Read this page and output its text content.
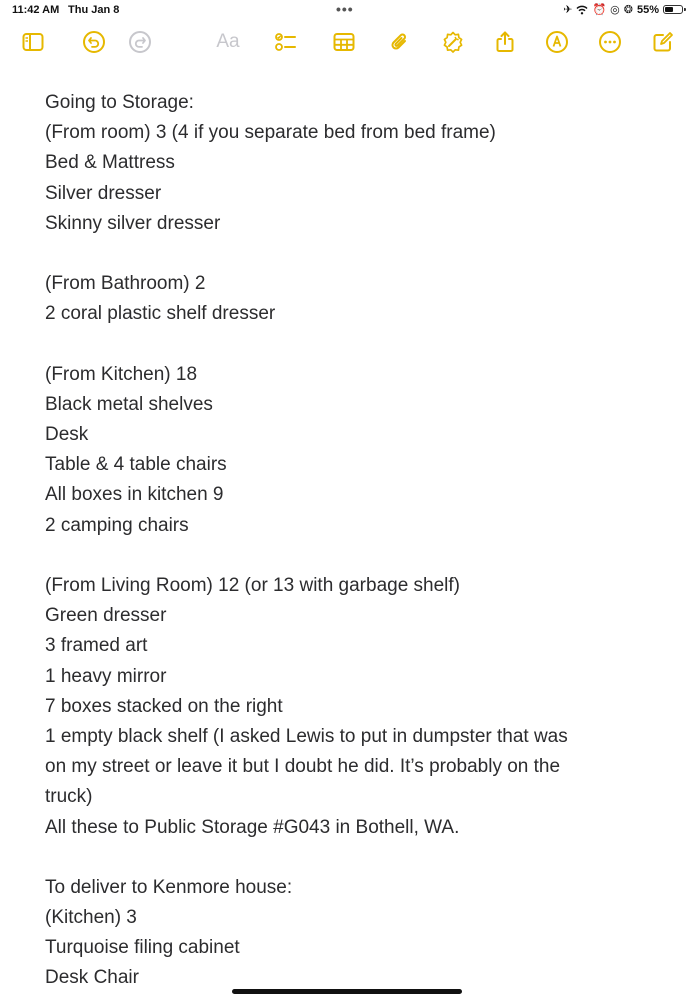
11:42 AM Thu Jan 8	•••	✈ ⏰ ◎ ❂ 55%
Aa
Going to Storage:
(From room) 3 (4 if you separate bed from bed frame)
Bed & Mattress
Silver dresser
Skinny silver dresser
(From Bathroom) 2
2 coral plastic shelf dresser
(From Kitchen) 18
Black metal shelves
Desk
Table & 4 table chairs
All boxes in kitchen 9
2 camping chairs
(From Living Room) 12 (or 13 with garbage shelf)
Green dresser
3 framed art
1 heavy mirror
7 boxes stacked on the right
1 empty black shelf (I asked Lewis to put in dumpster that was
on my street or leave it but I doubt he did. It’s probably on the
truck)
All these to Public Storage #G043 in Bothell, WA.
To deliver to Kenmore house:
(Kitchen) 3
Turquoise filing cabinet
Desk Chair
